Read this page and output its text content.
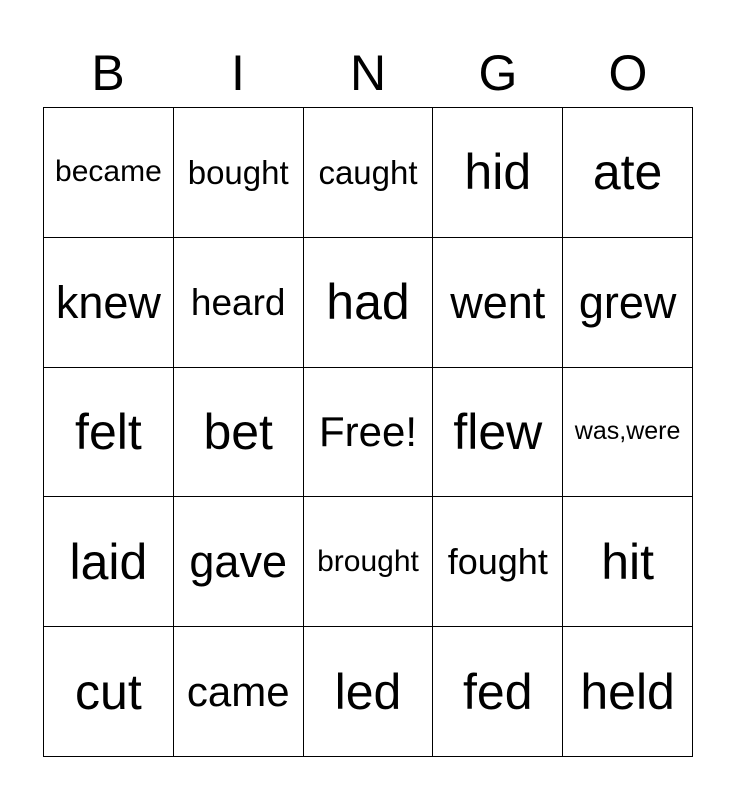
B	I	N	G	O
became bought caught hid	ate
knew heard had went grew
felt	bet	Free! flew	was,were
laid gave	brought fought	hit
cut	came led	fed held
